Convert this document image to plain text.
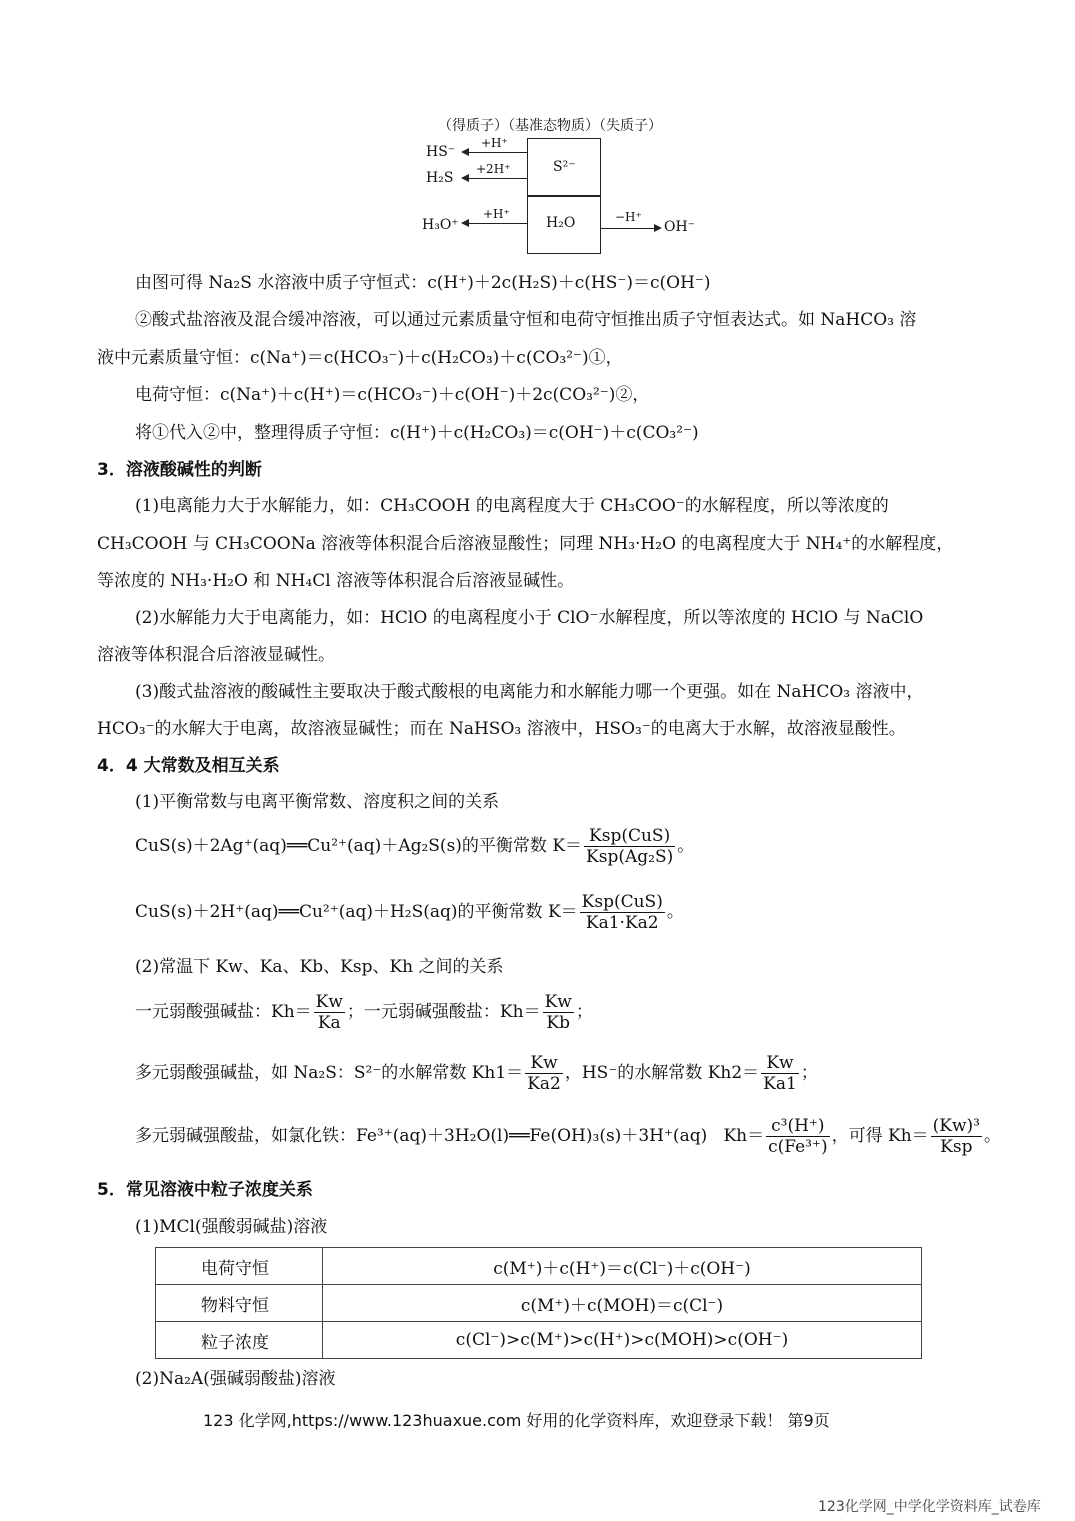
（得质子）（基准态物质）（失质子）
S²⁻
H₂O
HS⁻
+H⁺
H₂S
+2H⁺
H₃O⁺
+H⁺	−H⁺
OH⁻
由图可得 Na₂S 水溶液中质子守恒式：c(H⁺)＋2c(H₂S)＋c(HS⁻)＝c(OH⁻)
②酸式盐溶液及混合缓冲溶液，可以通过元素质量守恒和电荷守恒推出质子守恒表达式。如 NaHCO₃ 溶
液中元素质量守恒：c(Na⁺)＝c(HCO₃⁻)＋c(H₂CO₃)＋c(CO₃²⁻)①，
电荷守恒：c(Na⁺)＋c(H⁺)＝c(HCO₃⁻)＋c(OH⁻)＋2c(CO₃²⁻)②，
将①代入②中，整理得质子守恒：c(H⁺)＋c(H₂CO₃)＝c(OH⁻)＋c(CO₃²⁻)
3．溶液酸碱性的判断
(1)电离能力大于水解能力，如：CH₃COOH 的电离程度大于 CH₃COO⁻的水解程度，所以等浓度的
CH₃COOH 与 CH₃COONa 溶液等体积混合后溶液显酸性；同理 NH₃·H₂O 的电离程度大于 NH₄⁺的水解程度，
等浓度的 NH₃·H₂O 和 NH₄Cl 溶液等体积混合后溶液显碱性。
(2)水解能力大于电离能力，如：HClO 的电离程度小于 ClO⁻水解程度，所以等浓度的 HClO 与 NaClO
溶液等体积混合后溶液显碱性。
(3)酸式盐溶液的酸碱性主要取决于酸式酸根的电离能力和水解能力哪一个更强。如在 NaHCO₃ 溶液中，
HCO₃⁻的水解大于电离，故溶液显碱性；而在 NaHSO₃ 溶液中，HSO₃⁻的电离大于水解，故溶液显酸性。
4．4 大常数及相互关系
(1)平衡常数与电离平衡常数、溶度积之间的关系
CuS(s)＋2Ag⁺(aq)══Cu²⁺(aq)＋Ag₂S(s)的平衡常数 $K= \frac{\text{Ksp(CuS)}}{\text{Ksp(Ag₂S)}}$ 。
CuS(s)＋2H⁺(aq)══Cu²⁺(aq)＋H₂S(aq)的平衡常数 $K= \frac{\text{Ksp(CuS)}}{Ka1\cdot Ka2}$ 。
(2)常温下 Kw、Ka、Kb、Ksp、Kh 之间的关系
一元弱酸强碱盐：$Kh= \frac{Kw}{Ka}$ ；一元弱碱强酸盐：$Kh= \frac{Kw}{Kb}$ ；
多元弱酸强碱盐，如 Na₂S：S²⁻的水解常数 $Kh1= \frac{Kw}{Ka2}$ ，HS⁻的水解常数 $Kh2= \frac{Kw}{Ka1}$ ；
多元弱碱强酸盐，如氯化铁：Fe³⁺(aq)＋3H₂O(l)══Fe(OH)₃(s)＋3H⁺(aq) $Kh= \frac{\text{c³(H⁺)}}{\text{c(Fe³⁺)}}$ ，可得 $Kh= \frac{\text{(Kw)³}}{\text{Ksp}}$ 。
5．常见溶液中粒子浓度关系
(1)MCl(强酸弱碱盐)溶液
电荷守恒	c(M⁺)＋c(H⁺)＝c(Cl⁻)＋c(OH⁻)
物料守恒	c(M⁺)＋c(MOH)＝c(Cl⁻)
粒子浓度	c(Cl⁻)>c(M⁺)>c(H⁺)>c(MOH)>c(OH⁻)
(2)Na₂A(强碱弱酸盐)溶液
123 化学网,https://www.123huaxue.com 好用的化学资料库，欢迎登录下载！ 第9页
123化学网_中学化学资料库_试卷库
